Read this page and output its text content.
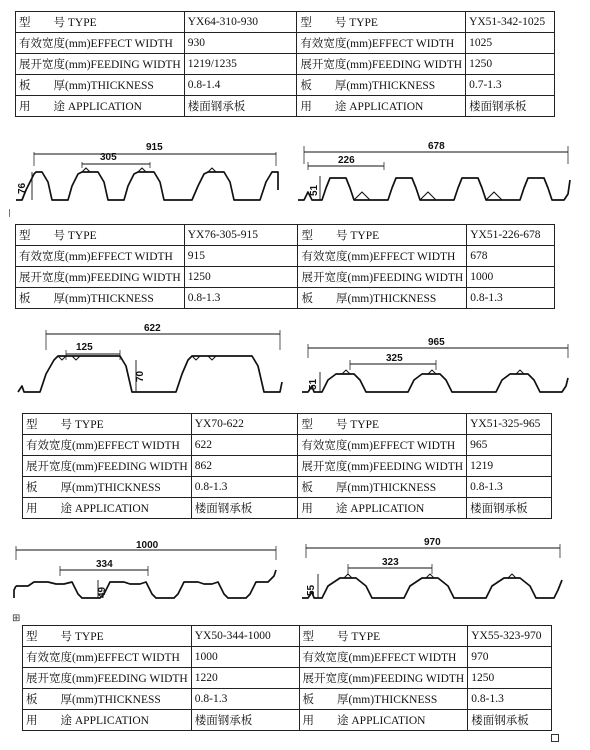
型　　号 TYPE	YX64-310-930	型　　号 TYPE	YX51-342-1025
有效宽度(mm)EFFECT WIDTH	930	有效宽度(mm)EFFECT WIDTH	1025
展开宽度(mm)FEEDING WIDTH	1219/1235	展开宽度(mm)FEEDING WIDTH	1250
板　　厚(mm)THICKNESS	0.8-1.4	板　　厚(mm)THICKNESS	0.7-1.3
用　　途 APPLICATION	楼面钢承板	用　　途 APPLICATION	楼面钢承板
915
305
76
678
226
51
|
型　　号 TYPE	YX76-305-915	型　　号 TYPE	YX51-226-678
有效宽度(mm)EFFECT WIDTH	915	有效宽度(mm)EFFECT WIDTH	678
展开宽度(mm)FEEDING WIDTH	1250	展开宽度(mm)FEEDING WIDTH	1000
板　　厚(mm)THICKNESS	0.8-1.3	板　　厚(mm)THICKNESS	0.8-1.3
622
125
70
965
325
51
型　　号 TYPE	YX70-622	型　　号 TYPE	YX51-325-965
有效宽度(mm)EFFECT WIDTH	622	有效宽度(mm)EFFECT WIDTH	965
展开宽度(mm)FEEDING WIDTH	862	展开宽度(mm)FEEDING WIDTH	1219
板　　厚(mm)THICKNESS	0.8-1.3	板　　厚(mm)THICKNESS	0.8-1.3
用　　途 APPLICATION	楼面钢承板	用　　途 APPLICATION	楼面钢承板
1000
334
49
970
323
55
⊞
型　　号 TYPE	YX50-344-1000	型　　号 TYPE	YX55-323-970
有效宽度(mm)EFFECT WIDTH	1000	有效宽度(mm)EFFECT WIDTH	970
展开宽度(mm)FEEDING WIDTH	1220	展开宽度(mm)FEEDING WIDTH	1250
板　　厚(mm)THICKNESS	0.8-1.3	板　　厚(mm)THICKNESS	0.8-1.3
用　　途 APPLICATION	楼面钢承板	用　　途 APPLICATION	楼面钢承板
